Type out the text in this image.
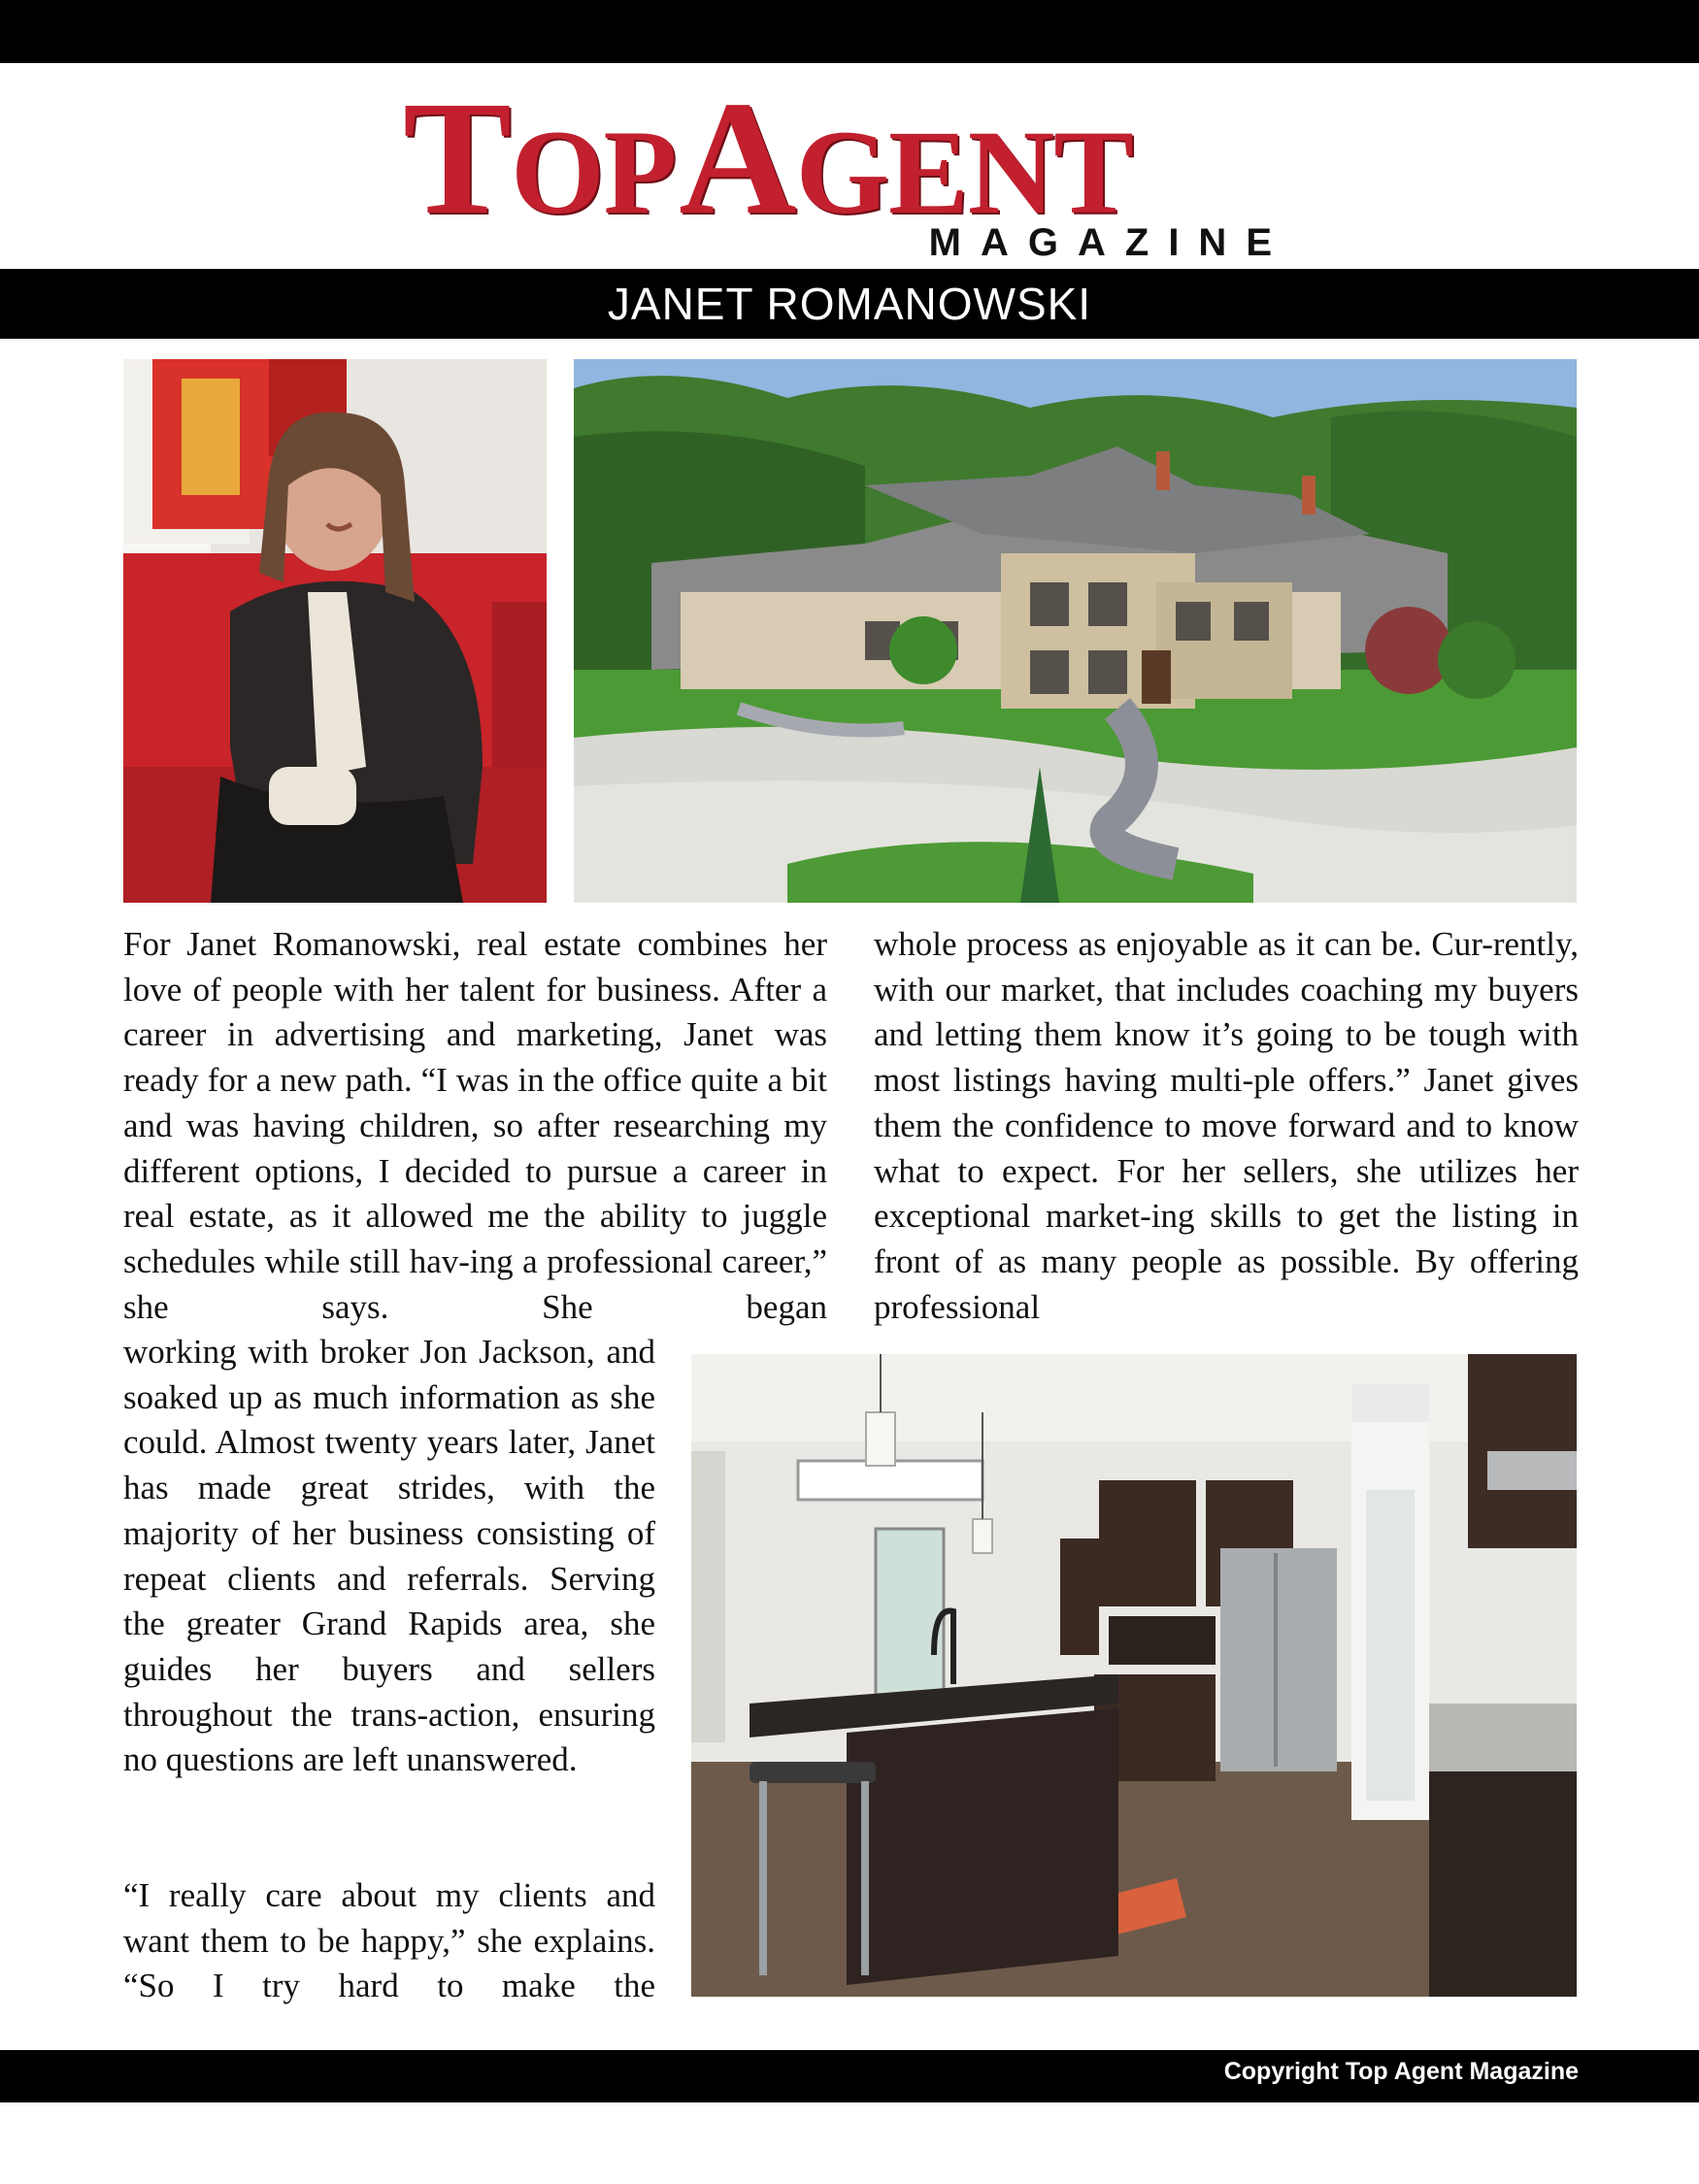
TOP AGENT
MAGAZINE
JANET ROMANOWSKI

For Janet Romanowski, real estate combines her love of people with her talent for business. After a career in advertising and marketing, Janet was ready for a new path. “I was in the office quite a bit and was having children, so after researching my different options, I decided to pursue a career in real estate, as it allowed me the ability to juggle schedules while still hav-ing a professional career,” she says. She began

working with broker Jon Jackson, and soaked up as much information as she could. Almost twenty years later, Janet has made great strides, with the majority of her business consisting of repeat clients and referrals. Serving the greater Grand Rapids area, she guides her buyers and sellers throughout the trans-action, ensuring no questions are left unanswered.

“I really care about my clients and want them to be happy,” she explains. “So I try hard to make the

whole process as enjoyable as it can be. Cur-rently, with our market, that includes coaching my buyers and letting them know it’s going to be tough with most listings having multi-ple offers.” Janet gives them the confidence to move forward and to know what to expect. For her sellers, she utilizes her exceptional market-ing skills to get the listing in front of as many people as possible. By offering professional

Copyright Top Agent Magazine
